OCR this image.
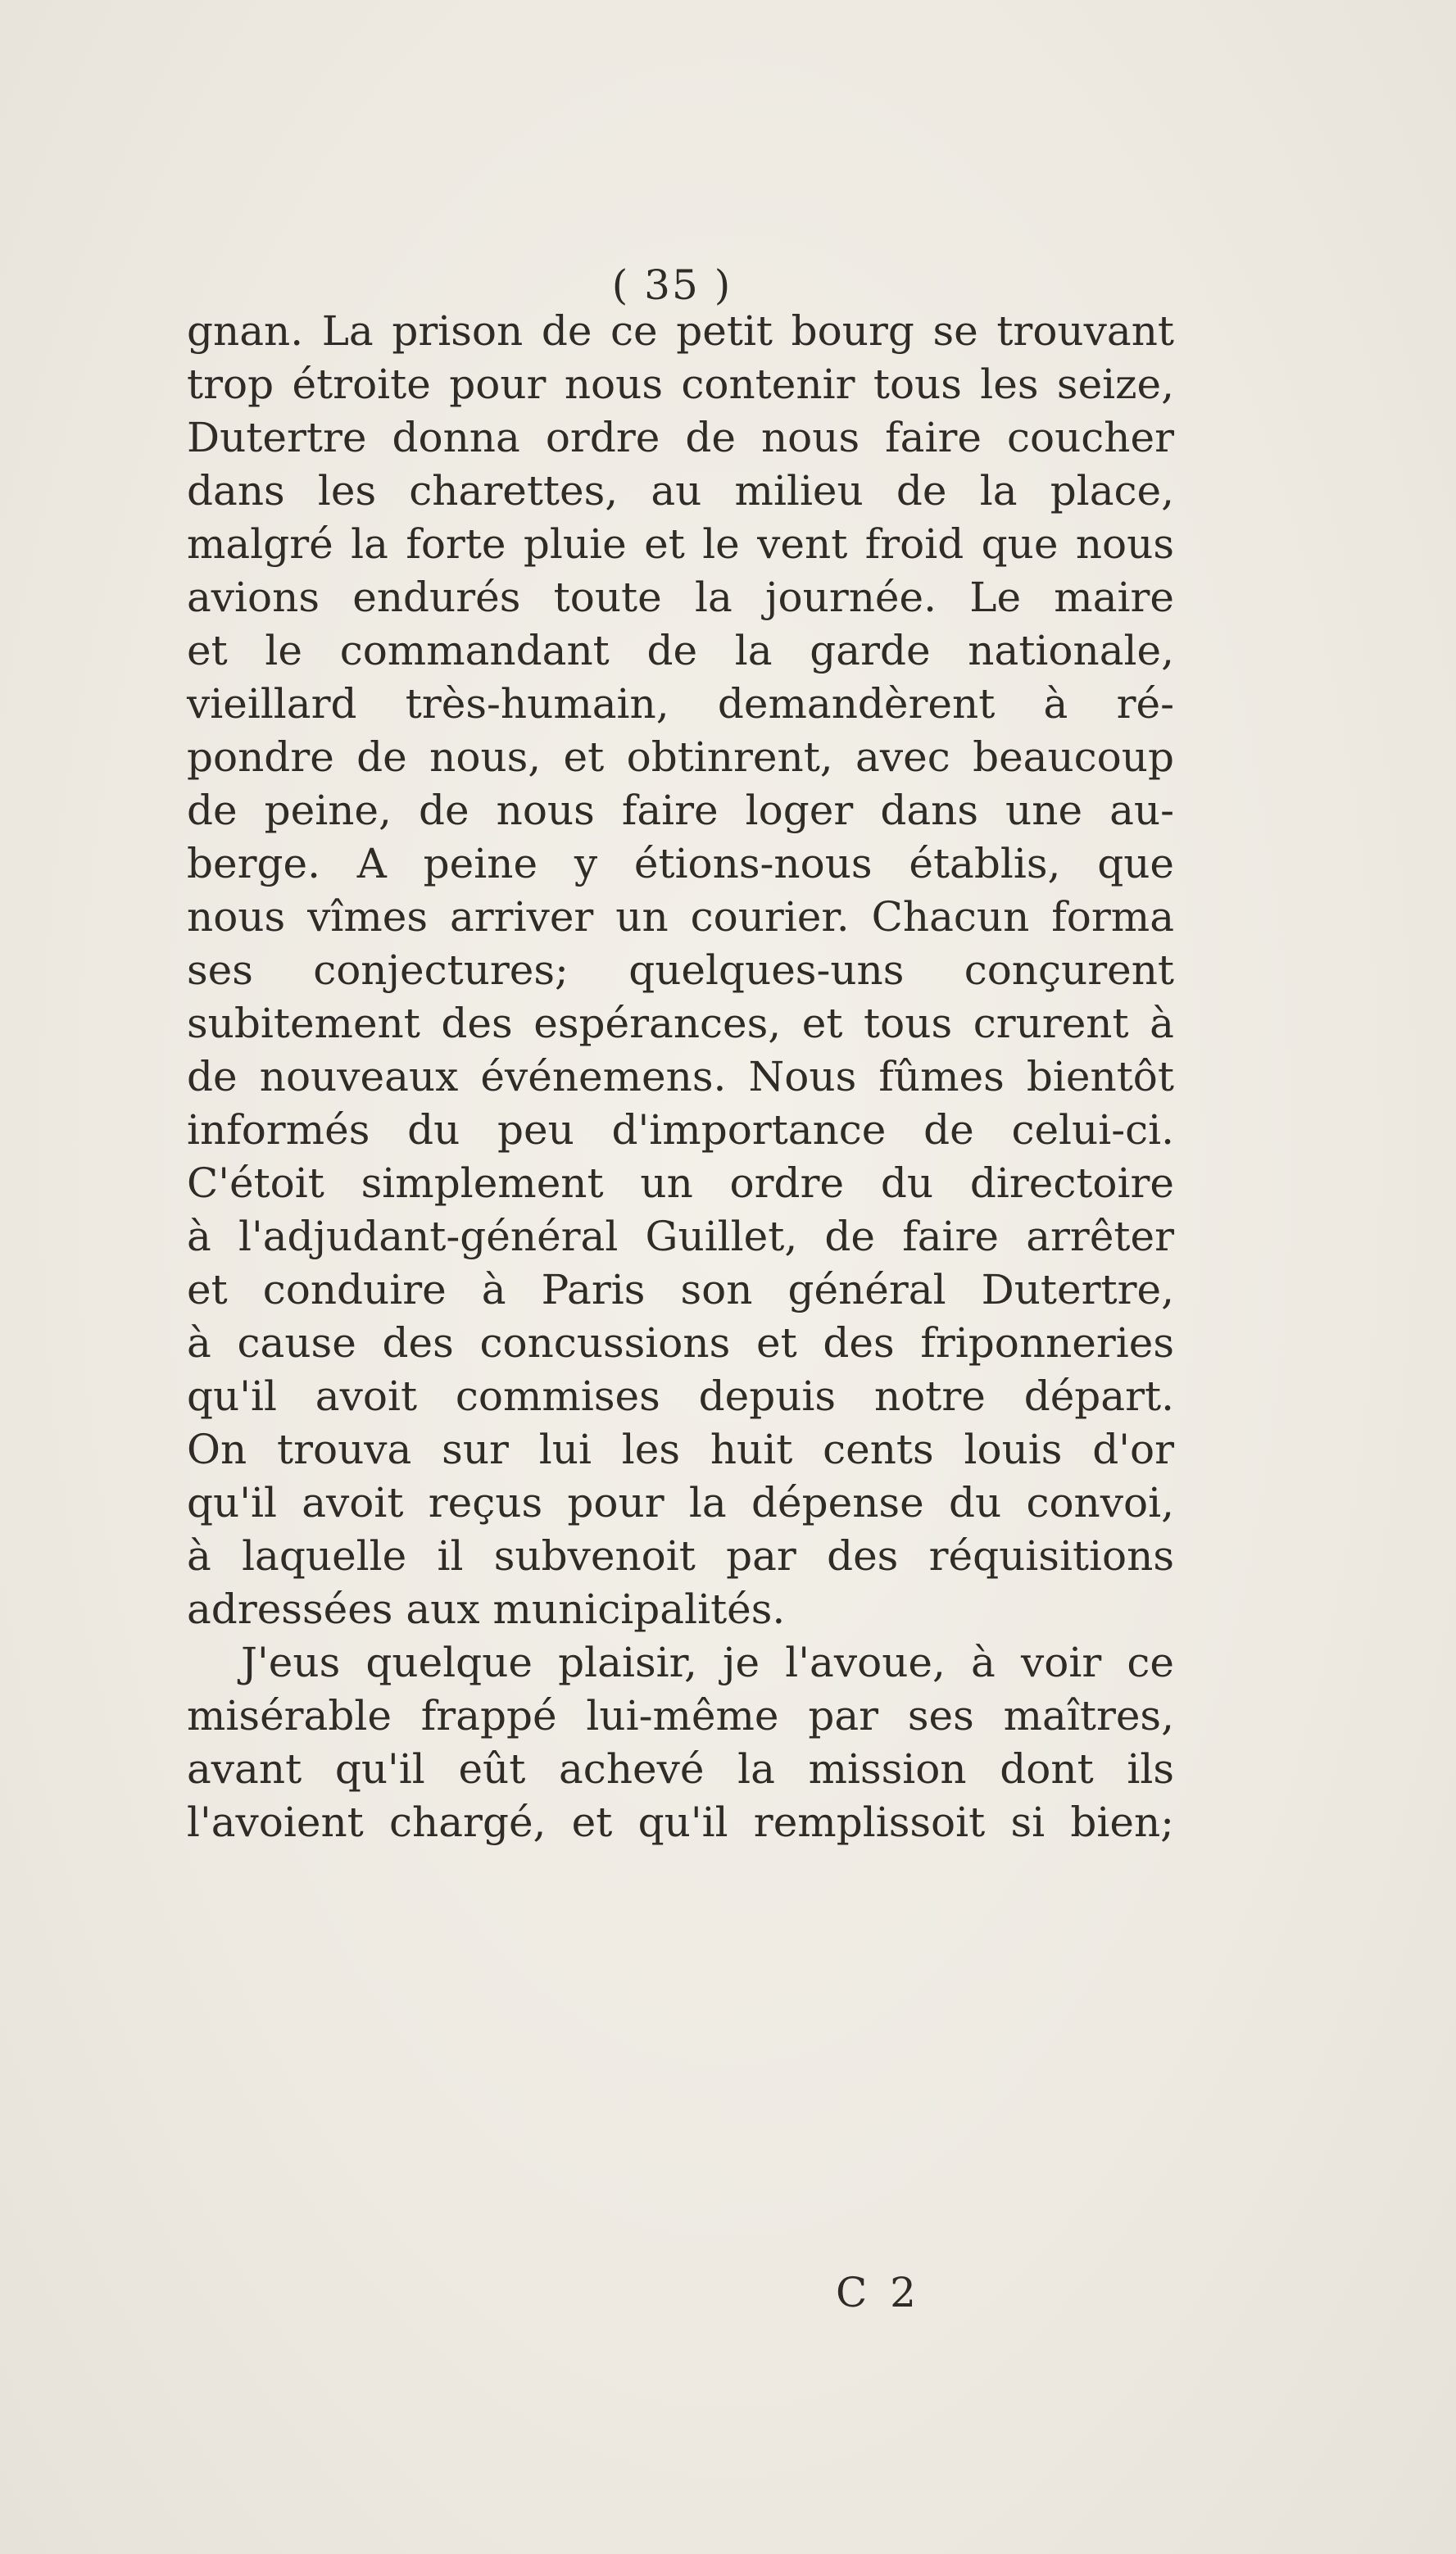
( 35 )
gnan. La prison de ce petit bourg se trouvant
trop étroite pour nous contenir tous les seize,
Dutertre donna ordre de nous faire coucher
dans les charettes, au milieu de la place,
malgré la forte pluie et le vent froid que nous
avions endurés toute la journée. Le maire
et le commandant de la garde nationale,
vieillard très-humain, demandèrent à ré-
pondre de nous, et obtinrent, avec beaucoup
de peine, de nous faire loger dans une au-
berge. A peine y étions-nous établis, que
nous vîmes arriver un courier. Chacun forma
ses conjectures; quelques-uns conçurent
subitement des espérances, et tous crurent à
de nouveaux événemens. Nous fûmes bientôt
informés du peu d'importance de celui-ci.
C'étoit simplement un ordre du directoire
à l'adjudant-général Guillet, de faire arrêter
et conduire à Paris son général Dutertre,
à cause des concussions et des friponneries
qu'il avoit commises depuis notre départ.
On trouva sur lui les huit cents louis d'or
qu'il avoit reçus pour la dépense du convoi,
à laquelle il subvenoit par des réquisitions
adressées aux municipalités.
J'eus quelque plaisir, je l'avoue, à voir ce
misérable frappé lui-même par ses maîtres,
avant qu'il eût achevé la mission dont ils
l'avoient chargé, et qu'il remplissoit si bien;
C 2
